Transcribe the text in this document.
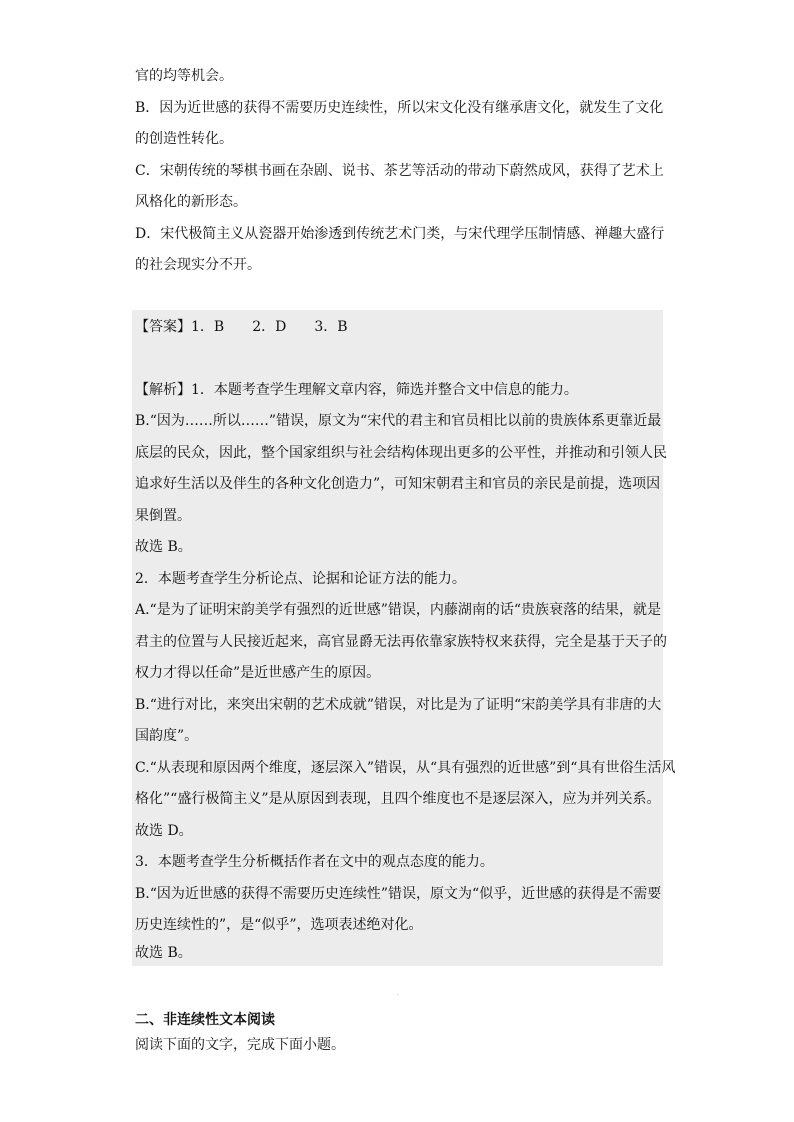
官的均等机会。
B．因为近世感的获得不需要历史连续性，所以宋文化没有继承唐文化，就发生了文化
的创造性转化。
C．宋朝传统的琴棋书画在杂剧、说书、茶艺等活动的带动下蔚然成风，获得了艺术上
风格化的新形态。
D．宋代极简主义从瓷器开始渗透到传统艺术门类，与宋代理学压制情感、禅趣大盛行
的社会现实分不开。
【答案】1．B　　2．D　　3．B
【解析】1．本题考查学生理解文章内容，筛选并整合文中信息的能力。
B.“因为……所以……”错误，原文为“宋代的君主和官员相比以前的贵族体系更靠近最
底层的民众，因此，整个国家组织与社会结构体现出更多的公平性，并推动和引领人民
追求好生活以及伴生的各种文化创造力”，可知宋朝君主和官员的亲民是前提，选项因
果倒置。
故选 B。
2．本题考查学生分析论点、论据和论证方法的能力。
A.“是为了证明宋韵美学有强烈的近世感”错误，内藤湖南的话“贵族衰落的结果，就是
君主的位置与人民接近起来，高官显爵无法再依靠家族特权来获得，完全是基于天子的
权力才得以任命”是近世感产生的原因。
B.“进行对比，来突出宋朝的艺术成就”错误，对比是为了证明“宋韵美学具有非唐的大
国韵度”。
C.“从表现和原因两个维度，逐层深入”错误，从“具有强烈的近世感”到“具有世俗生活风
格化”“盛行极简主义”是从原因到表现，且四个维度也不是逐层深入，应为并列关系。
故选 D。
3．本题考查学生分析概括作者在文中的观点态度的能力。
B.“因为近世感的获得不需要历史连续性”错误，原文为“似乎，近世感的获得是不需要
历史连续性的”，是“似乎”，选项表述绝对化。
故选 B。
·
二、非连续性文本阅读
阅读下面的文字，完成下面小题。
